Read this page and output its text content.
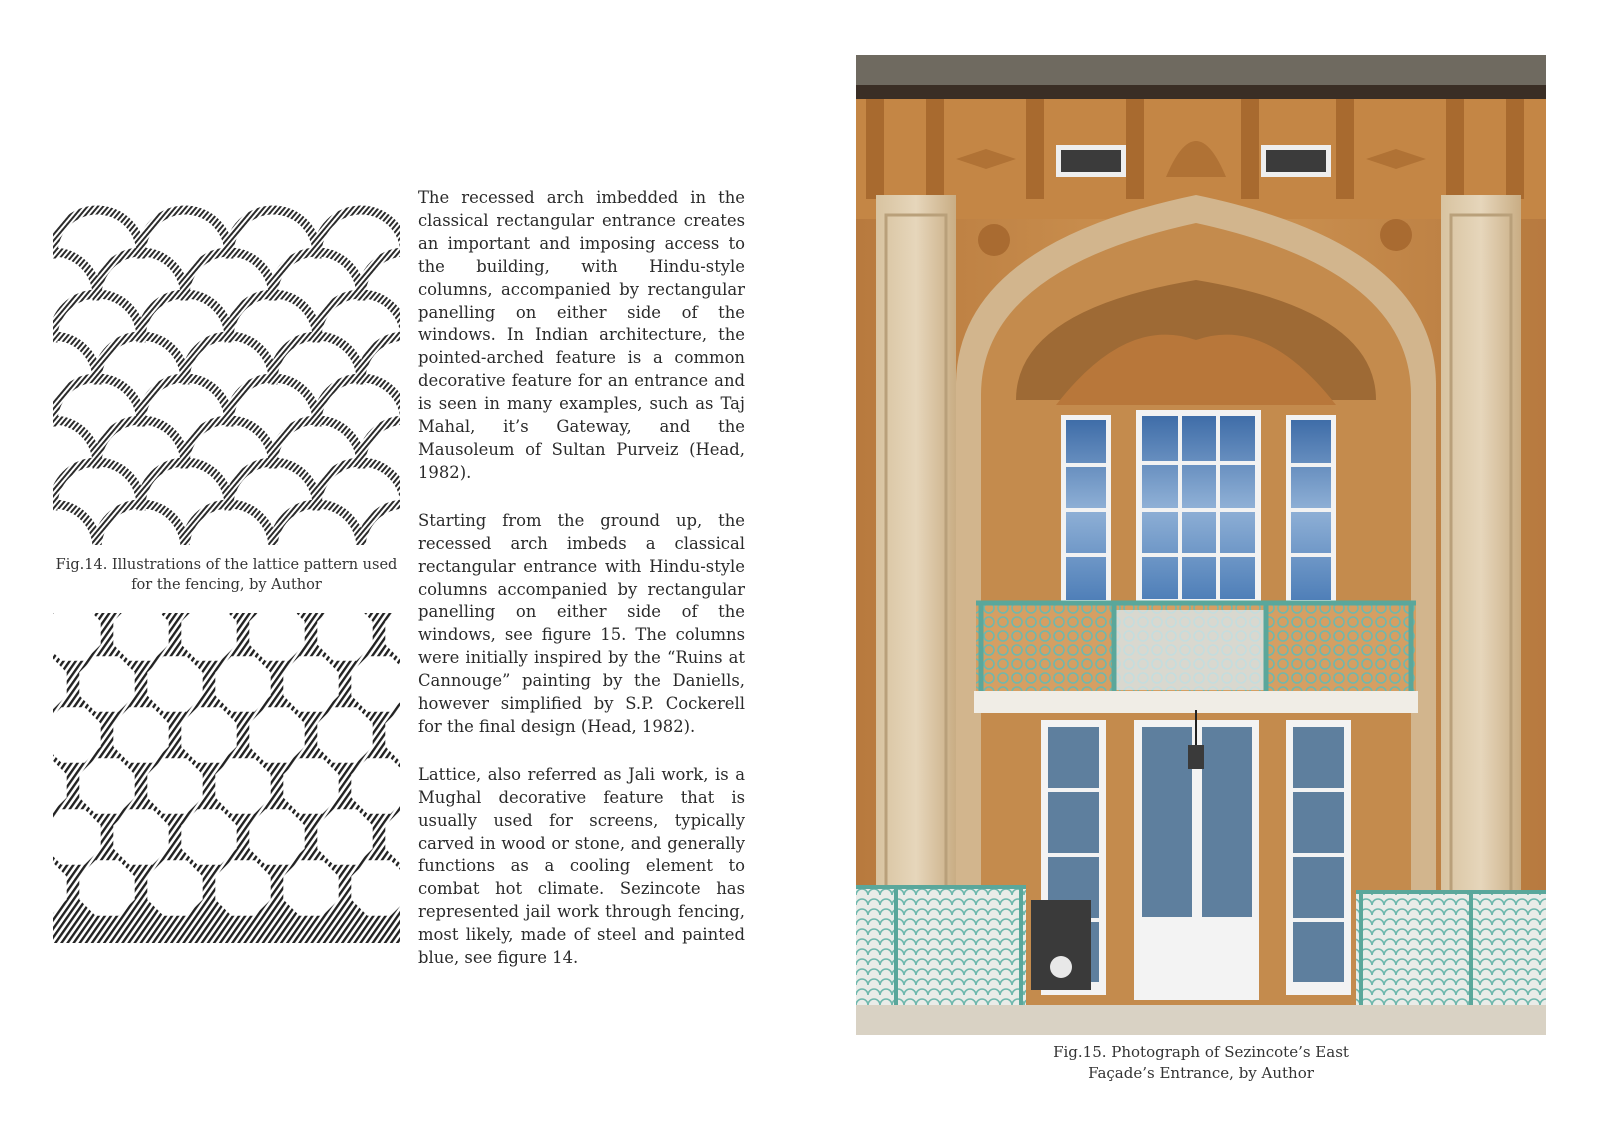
Fig.14. Illustrations of the lattice pattern used for the fencing, by Author

The recessed arch imbedded in the classical rectangular entrance creates an important and imposing access to the building, with Hindu-style columns, accompanied by rectangular panelling on either side of the windows. In Indian architecture, the pointed-arched feature is a common decorative feature for an entrance and is seen in many examples, such as Taj Mahal, it’s Gateway, and the Mausoleum of Sultan Purveiz (Head, 1982).

Starting from the ground up, the recessed arch imbeds a classical rectangular entrance with Hindu-style columns accompanied by rectangular panelling on either side of the windows, see figure 15. The columns were initially inspired by the “Ruins at Cannouge” painting by the Daniells, however simplified by S.P. Cockerell for the final design (Head, 1982).

Lattice, also referred as Jali work, is a Mughal decorative feature that is usually used for screens, typically carved in wood or stone, and generally functions as a cooling element to combat hot climate. Sezincote has represented jail work through fencing, most likely, made of steel and painted blue, see figure 14.

Fig.15. Photograph of Sezincote’s East
Façade’s Entrance, by Author
